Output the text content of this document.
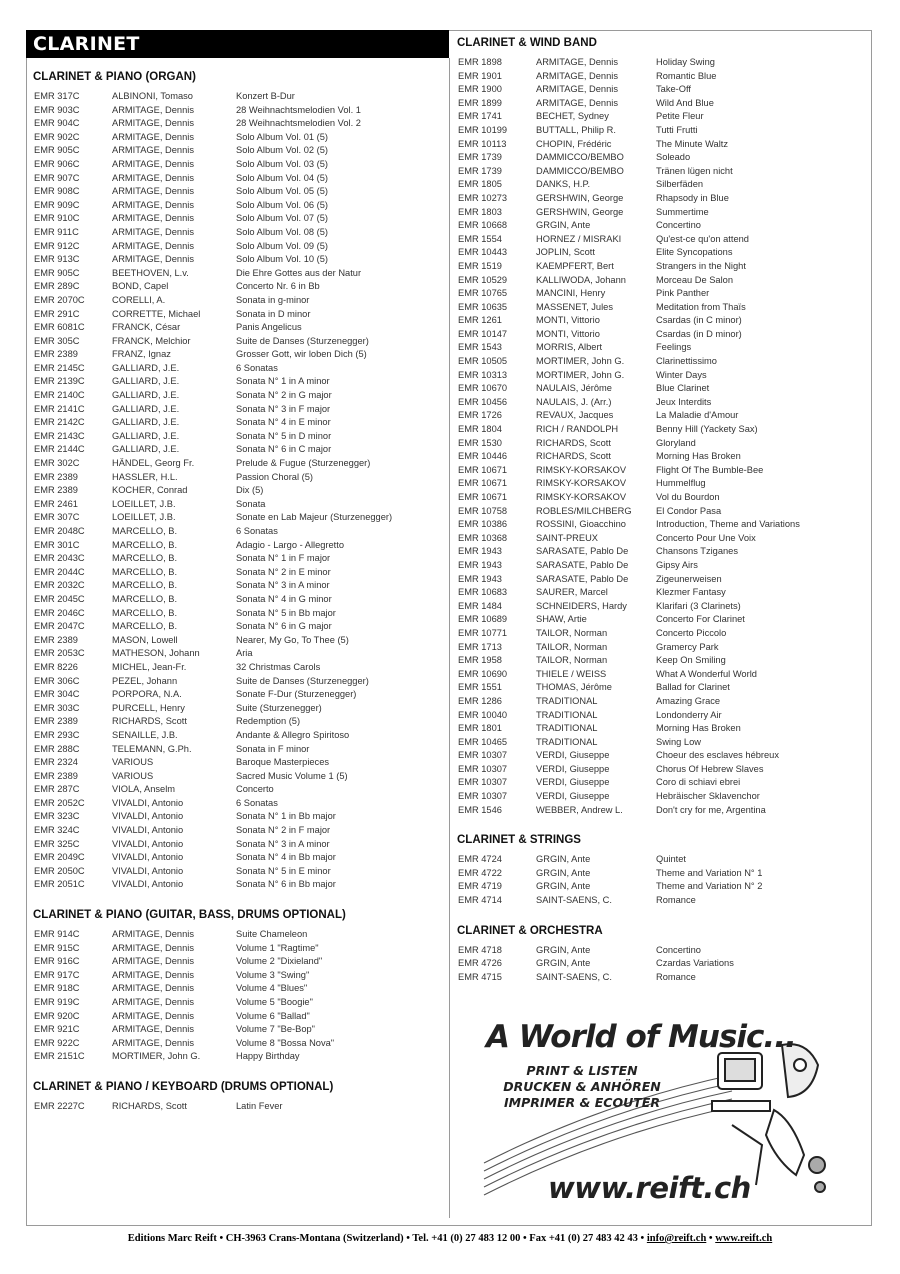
CLARINET
CLARINET & PIANO (ORGAN)
EMR 317C	ALBINONI, Tomaso	Konzert B-Dur
EMR 903C	ARMITAGE, Dennis	28 Weihnachtsmelodien Vol. 1
EMR 904C	ARMITAGE, Dennis	28 Weihnachtsmelodien Vol. 2
EMR 902C	ARMITAGE, Dennis	Solo Album Vol. 01 (5)
EMR 905C	ARMITAGE, Dennis	Solo Album Vol. 02 (5)
EMR 906C	ARMITAGE, Dennis	Solo Album Vol. 03 (5)
EMR 907C	ARMITAGE, Dennis	Solo Album Vol. 04 (5)
EMR 908C	ARMITAGE, Dennis	Solo Album Vol. 05 (5)
EMR 909C	ARMITAGE, Dennis	Solo Album Vol. 06 (5)
EMR 910C	ARMITAGE, Dennis	Solo Album Vol. 07 (5)
EMR 911C	ARMITAGE, Dennis	Solo Album Vol. 08 (5)
EMR 912C	ARMITAGE, Dennis	Solo Album Vol. 09 (5)
EMR 913C	ARMITAGE, Dennis	Solo Album Vol. 10 (5)
EMR 905C	BEETHOVEN, L.v.	Die Ehre Gottes aus der Natur
EMR 289C	BOND, Capel	Concerto Nr. 6 in Bb
EMR 2070C	CORELLI, A.	Sonata in g-minor
EMR 291C	CORRETTE, Michael	Sonata in D minor
EMR 6081C	FRANCK, César	Panis Angelicus
EMR 305C	FRANCK, Melchior	Suite de Danses (Sturzenegger)
EMR 2389	FRANZ, Ignaz	Grosser Gott, wir loben Dich (5)
EMR 2145C	GALLIARD, J.E.	6 Sonatas
EMR 2139C	GALLIARD, J.E.	Sonata N° 1 in A minor
EMR 2140C	GALLIARD, J.E.	Sonata N° 2 in G major
EMR 2141C	GALLIARD, J.E.	Sonata N° 3 in F major
EMR 2142C	GALLIARD, J.E.	Sonata N° 4 in E minor
EMR 2143C	GALLIARD, J.E.	Sonata N° 5 in D minor
EMR 2144C	GALLIARD, J.E.	Sonata N° 6 in C major
EMR 302C	HÄNDEL, Georg Fr.	Prelude & Fugue (Sturzenegger)
EMR 2389	HASSLER, H.L.	Passion Choral (5)
EMR 2389	KOCHER, Conrad	Dix (5)
EMR 2461	LOEILLET, J.B.	Sonata
EMR 307C	LOEILLET, J.B.	Sonate en Lab Majeur (Sturzenegger)
EMR 2048C	MARCELLO, B.	6 Sonatas
EMR 301C	MARCELLO, B.	Adagio - Largo - Allegretto
EMR 2043C	MARCELLO, B.	Sonata N° 1 in F major
EMR 2044C	MARCELLO, B.	Sonata N° 2 in E minor
EMR 2032C	MARCELLO, B.	Sonata N° 3 in A minor
EMR 2045C	MARCELLO, B.	Sonata N° 4 in G minor
EMR 2046C	MARCELLO, B.	Sonata N° 5 in Bb major
EMR 2047C	MARCELLO, B.	Sonata N° 6 in G major
EMR 2389	MASON, Lowell	Nearer, My Go, To Thee (5)
EMR 2053C	MATHESON, Johann	Aria
EMR 8226	MICHEL, Jean-Fr.	32 Christmas Carols
EMR 306C	PEZEL, Johann	Suite de Danses (Sturzenegger)
EMR 304C	PORPORA, N.A.	Sonate F-Dur (Sturzenegger)
EMR 303C	PURCELL, Henry	Suite (Sturzenegger)
EMR 2389	RICHARDS, Scott	Redemption (5)
EMR 293C	SENAILLE, J.B.	Andante & Allegro Spiritoso
EMR 288C	TELEMANN, G.Ph.	Sonata in F minor
EMR 2324	VARIOUS	Baroque Masterpieces
EMR 2389	VARIOUS	Sacred Music Volume 1 (5)
EMR 287C	VIOLA, Anselm	Concerto
EMR 2052C	VIVALDI, Antonio	6 Sonatas
EMR 323C	VIVALDI, Antonio	Sonata N° 1 in Bb major
EMR 324C	VIVALDI, Antonio	Sonata N° 2 in F major
EMR 325C	VIVALDI, Antonio	Sonata N° 3 in A minor
EMR 2049C	VIVALDI, Antonio	Sonata N° 4 in Bb major
EMR 2050C	VIVALDI, Antonio	Sonata N° 5 in E minor
EMR 2051C	VIVALDI, Antonio	Sonata N° 6 in Bb major
CLARINET & PIANO (GUITAR, BASS, DRUMS OPTIONAL)
EMR 914C	ARMITAGE, Dennis	Suite Chameleon
EMR 915C	ARMITAGE, Dennis	Volume 1 "Ragtime"
EMR 916C	ARMITAGE, Dennis	Volume 2 "Dixieland"
EMR 917C	ARMITAGE, Dennis	Volume 3 "Swing"
EMR 918C	ARMITAGE, Dennis	Volume 4 "Blues"
EMR 919C	ARMITAGE, Dennis	Volume 5 "Boogie"
EMR 920C	ARMITAGE, Dennis	Volume 6 "Ballad"
EMR 921C	ARMITAGE, Dennis	Volume 7 "Be-Bop"
EMR 922C	ARMITAGE, Dennis	Volume 8 "Bossa Nova"
EMR 2151C	MORTIMER, John G.	Happy Birthday
CLARINET & PIANO / KEYBOARD (DRUMS OPTIONAL)
EMR 2227C	RICHARDS, Scott	Latin Fever
CLARINET & WIND BAND
EMR 1898	ARMITAGE, Dennis	Holiday Swing
EMR 1901	ARMITAGE, Dennis	Romantic Blue
EMR 1900	ARMITAGE, Dennis	Take-Off
EMR 1899	ARMITAGE, Dennis	Wild And Blue
EMR 1741	BECHET, Sydney	Petite Fleur
EMR 10199	BUTTALL, Philip R.	Tutti Frutti
EMR 10113	CHOPIN, Frédéric	The Minute Waltz
EMR 1739	DAMMICCO/BEMBO	Soleado
EMR 1739	DAMMICCO/BEMBO	Tränen lügen nicht
EMR 1805	DANKS, H.P.	Silberfäden
EMR 10273	GERSHWIN, George	Rhapsody in Blue
EMR 1803	GERSHWIN, George	Summertime
EMR 10668	GRGIN, Ante	Concertino
EMR 1554	HORNEZ / MISRAKI	Qu'est-ce qu'on attend
EMR 10443	JOPLIN, Scott	Elite Syncopations
EMR 1519	KAEMPFERT, Bert	Strangers in the Night
EMR 10529	KALLIWODA, Johann	Morceau De Salon
EMR 10765	MANCINI, Henry	Pink Panther
EMR 10635	MASSENET, Jules	Meditation from Thaïs
EMR 1261	MONTI, Vittorio	Csardas (in C minor)
EMR 10147	MONTI, Vittorio	Csardas (in D minor)
EMR 1543	MORRIS, Albert	Feelings
EMR 10505	MORTIMER, John G.	Clarinettissimo
EMR 10313	MORTIMER, John G.	Winter Days
EMR 10670	NAULAIS, Jérôme	Blue Clarinet
EMR 10456	NAULAIS, J. (Arr.)	Jeux Interdits
EMR 1726	REVAUX, Jacques	La Maladie d'Amour
EMR 1804	RICH / RANDOLPH	Benny Hill (Yackety Sax)
EMR 1530	RICHARDS, Scott	Gloryland
EMR 10446	RICHARDS, Scott	Morning Has Broken
EMR 10671	RIMSKY-KORSAKOV	Flight Of The Bumble-Bee
EMR 10671	RIMSKY-KORSAKOV	Hummelflug
EMR 10671	RIMSKY-KORSAKOV	Vol du Bourdon
EMR 10758	ROBLES/MILCHBERG	El Condor Pasa
EMR 10386	ROSSINI, Gioacchino	Introduction, Theme and Variations
EMR 10368	SAINT-PREUX	Concerto Pour Une Voix
EMR 1943	SARASATE, Pablo De	Chansons Tziganes
EMR 1943	SARASATE, Pablo De	Gipsy Airs
EMR 1943	SARASATE, Pablo De	Zigeunerweisen
EMR 10683	SAURER, Marcel	Klezmer Fantasy
EMR 1484	SCHNEIDERS, Hardy	Klarifari (3 Clarinets)
EMR 10689	SHAW, Artie	Concerto For Clarinet
EMR 10771	TAILOR, Norman	Concerto Piccolo
EMR 1713	TAILOR, Norman	Gramercy Park
EMR 1958	TAILOR, Norman	Keep On Smiling
EMR 10690	THIELE / WEISS	What A Wonderful World
EMR 1551	THOMAS, Jérôme	Ballad for Clarinet
EMR 1286	TRADITIONAL	Amazing Grace
EMR 10040	TRADITIONAL	Londonderry Air
EMR 1801	TRADITIONAL	Morning Has Broken
EMR 10465	TRADITIONAL	Swing Low
EMR 10307	VERDI, Giuseppe	Choeur des esclaves hébreux
EMR 10307	VERDI, Giuseppe	Chorus Of Hebrew Slaves
EMR 10307	VERDI, Giuseppe	Coro di schiavi ebrei
EMR 10307	VERDI, Giuseppe	Hebräischer Sklavenchor
EMR 1546	WEBBER, Andrew L.	Don't cry for me, Argentina
CLARINET & STRINGS
EMR 4724	GRGIN, Ante	Quintet
EMR 4722	GRGIN, Ante	Theme and Variation N° 1
EMR 4719	GRGIN, Ante	Theme and Variation N° 2
EMR 4714	SAINT-SAENS, C.	Romance
CLARINET & ORCHESTRA
EMR 4718	GRGIN, Ante	Concertino
EMR 4726	GRGIN, Ante	Czardas Variations
EMR 4715	SAINT-SAENS, C.	Romance
A World of Music...
PRINT & LISTEN
DRUCKEN & ANHÖREN
IMPRIMER & ECOUTER
www.reift.ch
Editions Marc Reift • CH-3963 Crans-Montana (Switzerland) • Tel. +41 (0) 27 483 12 00 • Fax +41 (0) 27 483 42 43 • info@reift.ch • www.reift.ch
